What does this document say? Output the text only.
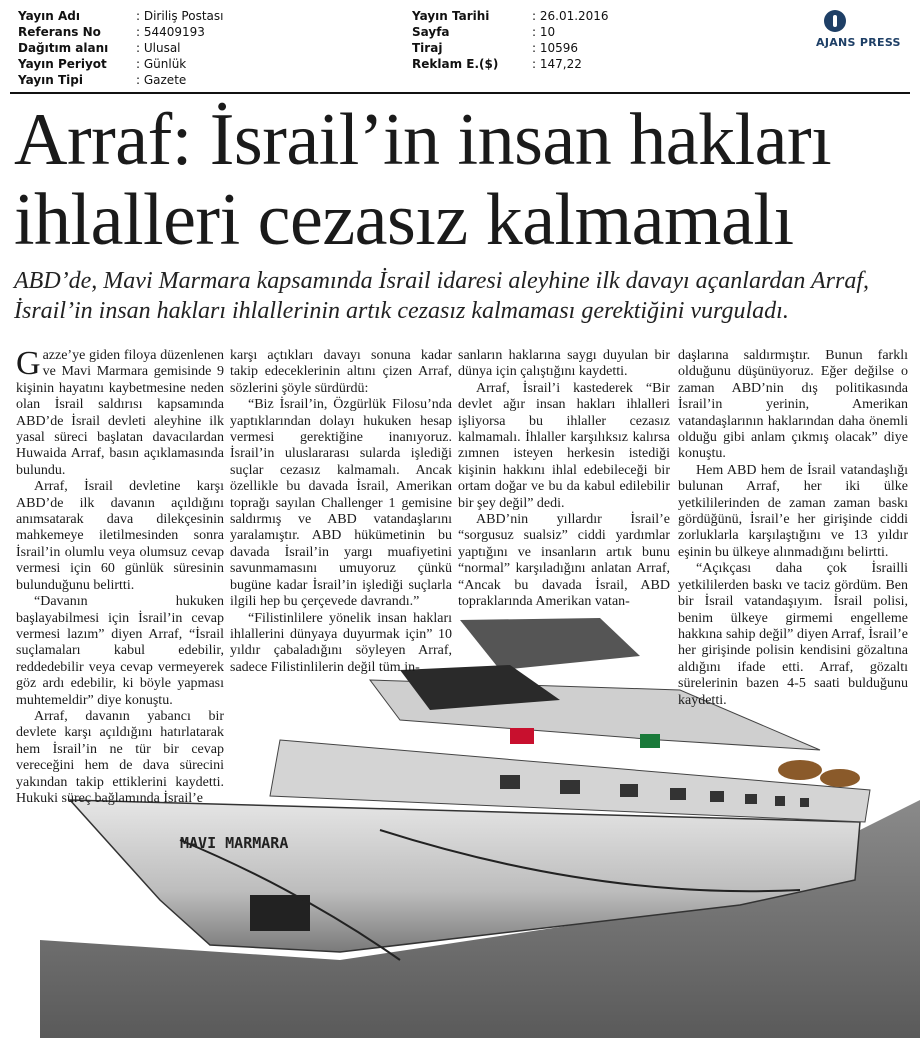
Yayın Adı	: Diriliş Postası
Referans No	: 54409193
Dağıtım alanı : Ulusal
Yayın Periyot : Günlük
Yayın Tipi	: Gazete
Yayın Tarihi	: 26.01.2016
Sayfa	: 10
Tiraj	: 10596
Reklam E.($)	: 147,22
AJANS PRESS
Arraf: İsrail’in insan hakları ihlalleri cezasız kalmamalı

ABD’de, Mavi Marmara kapsamında İsrail idaresi aleyhine ilk davayı açanlardan Arraf, İsrail’in insan hakları ihlallerinin artık cezasız kalmaması gerektiğini vurguladı.

MAVI MARMARA

Gazze’ye giden filoya düzenlenen ve Mavi Marmara gemisinde 9 kişinin hayatını kaybetmesine neden olan İsrail saldırısı kapsamında ABD’de İsrail devleti aleyhine ilk yasal süreci başlatan davacılardan Huwaida Arraf, basın açıklamasında bulundu.

Arraf, İsrail devletine karşı ABD’de ilk davanın açıldığını anımsatarak dava dilekçesinin mahkemeye iletilmesinden sonra İsrail’in olumlu veya olumsuz cevap vermesi için 60 günlük süresinin bulunduğunu belirtti.

“Davanın hukuken başlayabilmesi için İsrail’in cevap vermesi lazım” diyen Arraf, “İsrail suçlamaları kabul edebilir, reddedebilir veya cevap vermeyerek göz ardı edebilir, ki böyle yapması muhtemeldir” diye konuştu.

Arraf, davanın yabancı bir devlete karşı açıldığını hatırlatarak hem İsrail’in ne tür bir cevap vereceğini hem de dava sürecini yakından takip ettiklerini kaydetti. Hukuki süreç bağlamında İsrail’e

karşı açtıkları davayı sonuna kadar takip edeceklerinin altını çizen Arraf, sözlerini şöyle sürdürdü:

“Biz İsrail’in, Özgürlük Filosu’nda yaptıklarından dolayı hukuken hesap vermesi gerektiğine inanıyoruz. İsrail’in uluslararası sularda işlediği suçlar cezasız kalmamalı. Ancak özellikle bu davada İsrail, Amerikan toprağı sayılan Challenger 1 gemisine saldırmış ve ABD vatandaşlarını yaralamıştır. ABD hükümetinin bu davada İsrail’in yargı muafiyetini savunmamasını umuyoruz çünkü bugüne kadar İsrail’in işlediği suçlarla ilgili hep bu çerçevede davrandı.”

“Filistinlilere yönelik insan hakları ihlallerini dünyaya duyurmak için” 10 yıldır çabaladığını söyleyen Arraf, sadece Filistinlilerin değil tüm in-

sanların haklarına saygı duyulan bir dünya için çalıştığını kaydetti.

Arraf, İsrail’i kastederek “Bir devlet ağır insan hakları ihlalleri işliyorsa bu ihlaller cezasız kalmamalı. İhlaller karşılıksız kalırsa zımnen isteyen herkesin istediği kişinin hakkını ihlal edebileceği bir ortam doğar ve bu da kabul edilebilir bir şey değil” dedi.

ABD’nin yıllardır İsrail’e “sorgusuz sualsiz” ciddi yardımlar yaptığını ve insanların artık bunu “normal” karşıladığını anlatan Arraf, “Ancak bu davada İsrail, ABD topraklarında Amerikan vatan-

daşlarına saldırmıştır. Bunun farklı olduğunu düşünüyoruz. Eğer değilse o zaman ABD’nin dış politikasında İsrail’in yerinin, Amerikan vatandaşlarının haklarından daha önemli olduğu gibi anlam çıkmış olacak” diye konuştu.

Hem ABD hem de İsrail vatandaşlığı bulunan Arraf, her iki ülke yetkililerinden de zaman zaman baskı gördüğünü, İsrail’e her girişinde ciddi zorluklarla karşılaştığını ve 13 yıldır eşinin bu ülkeye alınmadığını belirtti.

“Açıkçası daha çok İsrailli yetkililerden baskı ve taciz gördüm. Ben bir İsrail vatandaşıyım. İsrail polisi, benim ülkeye girmemi engelleme hakkına sahip değil” diyen Arraf, İsrail’e her girişinde polisin kendisini gözaltına aldığını ifade etti. Arraf, gözaltı sürelerinin bazen 4-5 saati bulduğunu kaydetti.
